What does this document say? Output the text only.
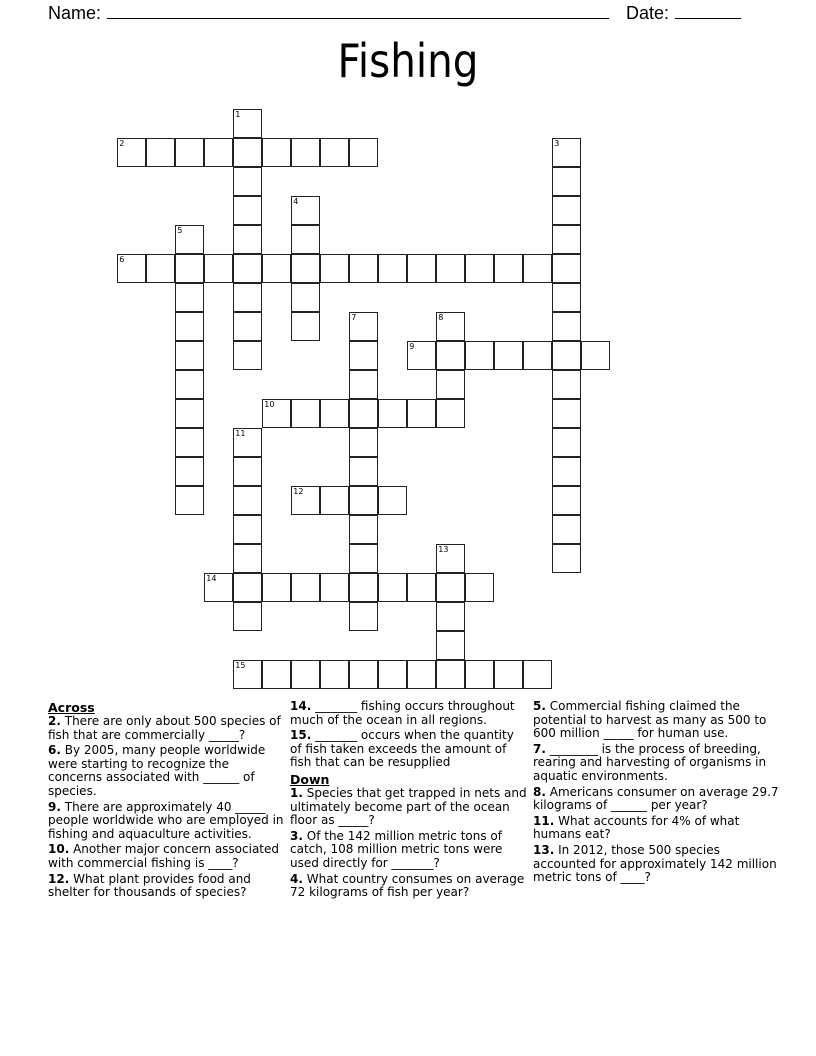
Name:	Date:
Fishing
1
2	3
4
5
6
7	8
9
10
11
12
13
14
15
Across
2. There are only about 500 species of fish that are commercially _____?
6. By 2005, many people worldwide were starting to recognize the concerns associated with ______ of species.
9. There are approximately 40 _____ people worldwide who are employed in fishing and aquaculture activities.
10. Another major concern associated with commercial fishing is ____?
12. What plant provides food and shelter for thousands of species?
14. _______ fishing occurs throughout much of the ocean in all regions.
15. _______ occurs when the quantity of fish taken exceeds the amount of fish that can be resupplied
Down
1. Species that get trapped in nets and ultimately become part of the ocean floor as _____?
3. Of the 142 million metric tons of catch, 108 million metric tons were used directly for _______?
4. What country consumes on average 72 kilograms of fish per year?
5. Commercial fishing claimed the potential to harvest as many as 500 to 600 million _____ for human use.
7. ________ is the process of breeding, rearing and harvesting of organisms in aquatic environments.
8. Americans consumer on average 29.7 kilograms of ______ per year?
11. What accounts for 4% of what humans eat?
13. In 2012, those 500 species accounted for approximately 142 million metric tons of ____?
